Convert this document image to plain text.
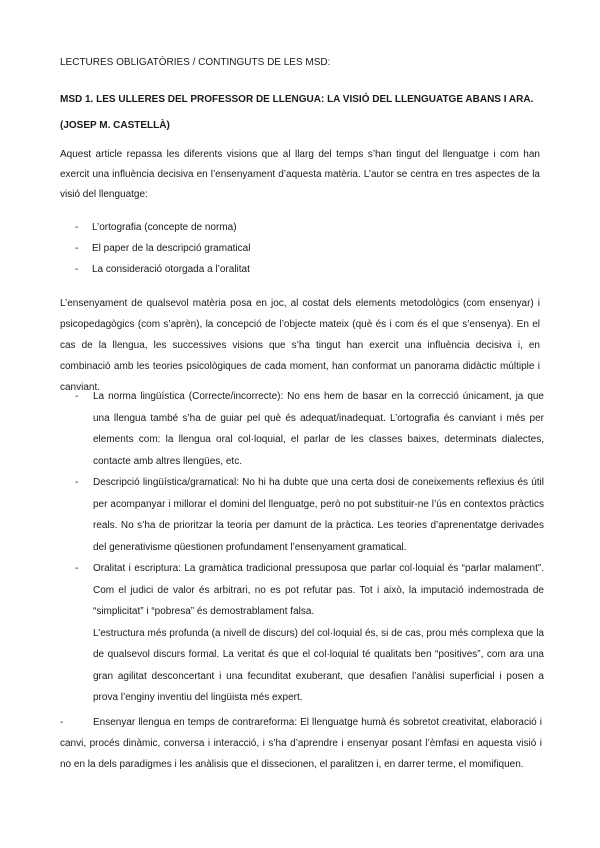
LECTURES OBLIGATÒRIES / CONTINGUTS DE LES MSD:

MSD 1. LES ULLERES DEL PROFESSOR DE LLENGUA: LA VISIÓ DEL LLENGUATGE ABANS I ARA. (JOSEP M. CASTELLÀ)

Aquest article repassa les diferents visions que al llarg del temps s’han tingut del llenguatge i com han exercit una influència decisiva en l’ensenyament d’aquesta matèria. L’autor se centra en tres aspectes de la visió del llenguatge:

- L’ortografia (concepte de norma)
- El paper de la descripció gramatical
- La consideració otorgada a l’oralitat

L’ensenyament de qualsevol matèria posa en joc, al costat dels elements metodològics (com ensenyar) i psicopedagògics (com s’aprèn), la concepció de l’objecte mateix (què és i com és el que s’ensenya). En el cas de la llengua, les successives visions que s’ha tingut han exercit una influència decisiva i, en combinació amb les teories psicològiques de cada moment, han conformat un panorama didàctic múltiple i canviant.

- La norma lingüística (Correcte/incorrecte): No ens hem de basar en la correcció únicament, ja que una llengua també s’ha de guiar pel què és adequat/inadequat. L’ortografia és canviant i més per elements com: la llengua oral col·loquial, el parlar de les classes baixes, determinats dialectes, contacte amb altres llengües, etc.
- Descripció lingüística/gramatical: No hi ha dubte que una certa dosi de coneixements reflexius és útil per acompanyar i millorar el domini del llenguatge, però no pot substituir-ne l’ús en contextos pràctics reals. No s’ha de prioritzar la teoria per damunt de la pràctica. Les teories d’aprenentatge derivades del generativisme qüestionen profundament l’ensenyament gramatical.
- Oralitat i escriptura: La gramàtica tradicional pressuposa que parlar col·loquial és “parlar malament”. Com el judici de valor és arbitrari, no es pot refutar pas. Tot i això, la imputació indemostrada de “simplicitat” i “pobresa” és demostrablament falsa.
L’estructura més profunda (a nivell de discurs) del col·loquial és, si de cas, prou més complexa que la de qualsevol discurs formal. La veritat és que el col·loquial té qualitats ben “positives”, com ara una gran agilitat desconcertant i una fecunditat exuberant, que desafien l’anàlisi superficial i posen a prova l’enginy inventiu del lingüista més expert.

-	Ensenyar llengua en temps de contrareforma: El llenguatge humà és sobretot creativitat, elaboració i canvi, procés dinàmic, conversa i interacció, i s’ha d’aprendre i ensenyar posant l’èmfasi en aquesta visió i no en la dels paradigmes i les anàlisis que el dissecionen, el paralitzen i, en darrer terme, el momifiquen.
